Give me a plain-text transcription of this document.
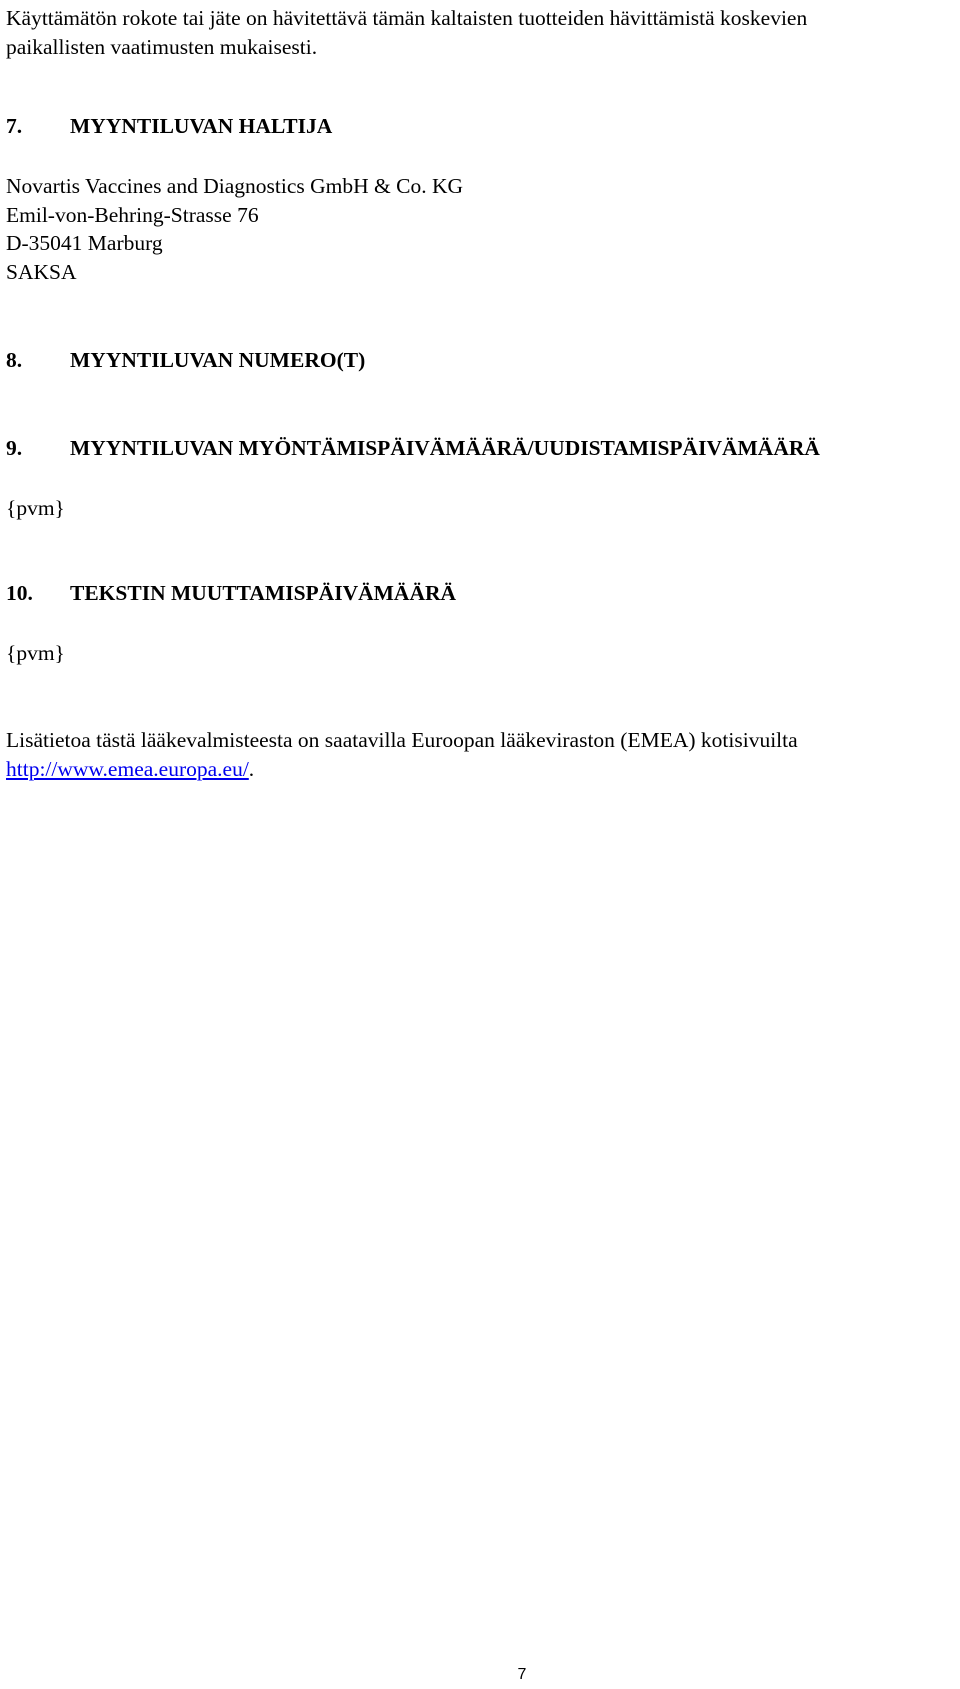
Käyttämätön rokote tai jäte on hävitettävä tämän kaltaisten tuotteiden hävittämistä koskevien

paikallisten vaatimusten mukaisesti.

7. MYYNTILUVAN HALTIJA

Novartis Vaccines and Diagnostics GmbH & Co. KG

Emil-von-Behring-Strasse 76

D-35041 Marburg

SAKSA

8. MYYNTILUVAN NUMERO(T)
9. MYYNTILUVAN MYÖNTÄMISPÄIVÄMÄÄRÄ/UUDISTAMISPÄIVÄMÄÄRÄ

{pvm}

10. TEKSTIN MUUTTAMISPÄIVÄMÄÄRÄ

{pvm}

Lisätietoa tästä lääkevalmisteesta on saatavilla Euroopan lääkeviraston (EMEA) kotisivuilta

http://www.emea.europa.eu/.

7
